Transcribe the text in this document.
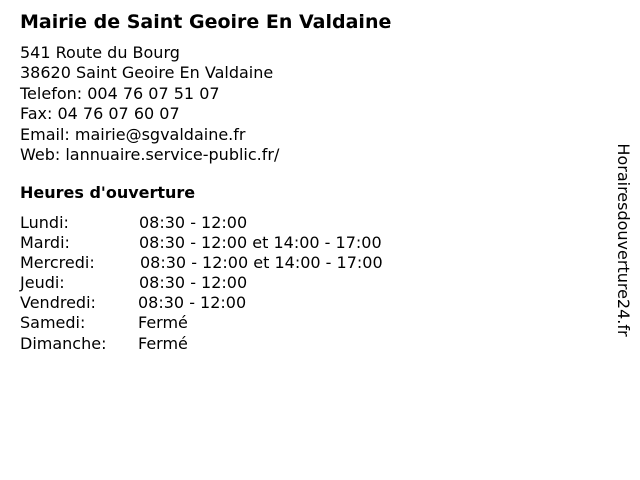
Mairie de Saint Geoire En Valdaine
541 Route du Bourg
38620 Saint Geoire En Valdaine
Telefon: 004 76 07 51 07
Fax: 04 76 07 60 07
Email: mairie@sgvaldaine.fr
Web: lannuaire.service-public.fr/
Heures d'ouverture
Lundi:	08:30 - 12:00
Mardi:	08:30 - 12:00 et 14:00 - 17:00
Mercredi:	08:30 - 12:00 et 14:00 - 17:00
Jeudi:	08:30 - 12:00
Vendredi:	08:30 - 12:00
Samedi:	Fermé
Dimanche: Fermé
Horairesdouverture24.fr
